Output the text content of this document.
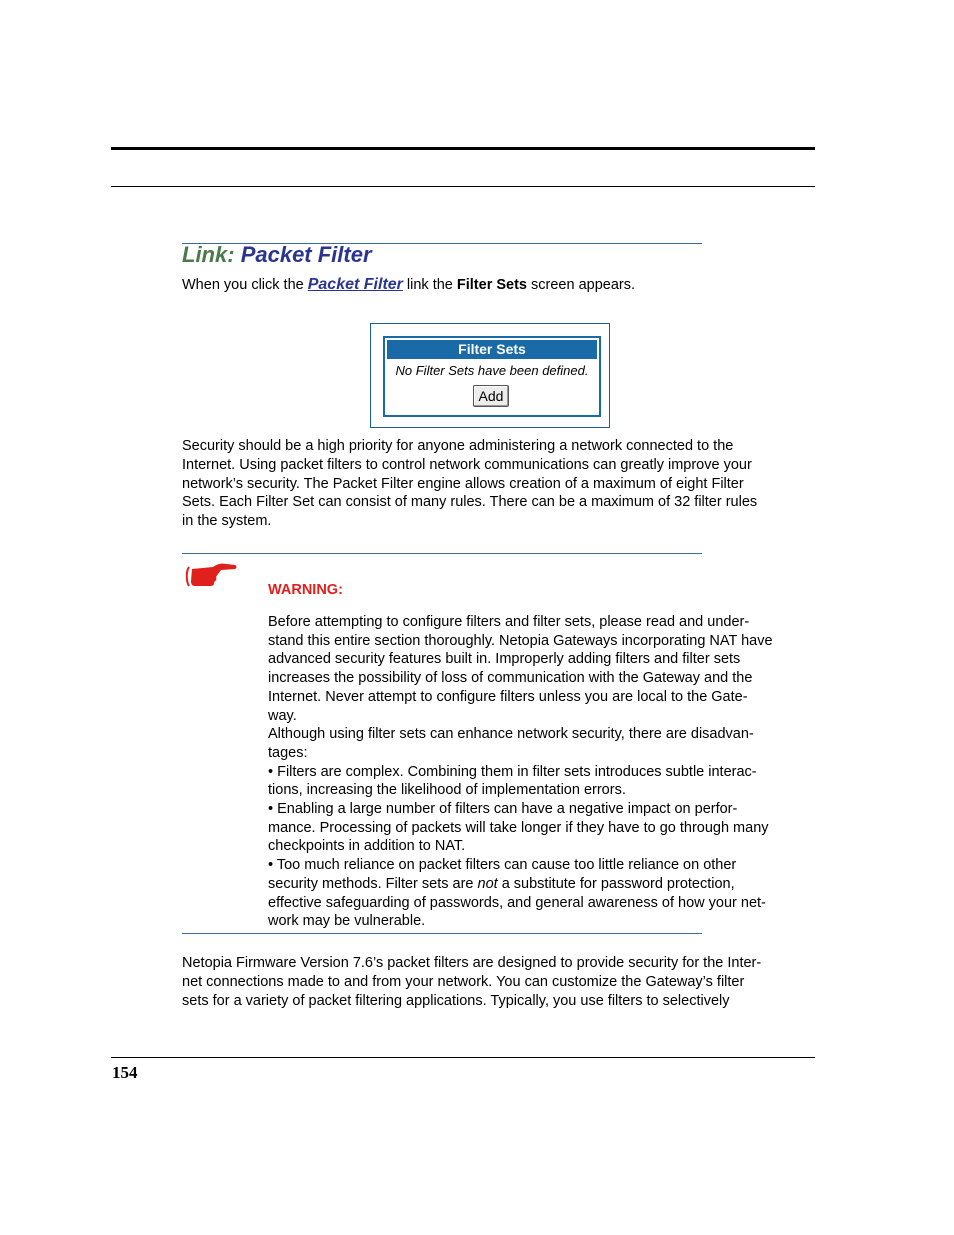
Link: Packet Filter

When you click the Packet Filter link the Filter Sets screen appears.

Filter Sets
No Filter Sets have been defined.
Add
Security should be a high priority for anyone administering a network connected to the
Internet. Using packet filters to control network communications can greatly improve your
network’s security. The Packet Filter engine allows creation of a maximum of eight Filter
Sets. Each Filter Set can consist of many rules. There can be a maximum of 32 filter rules
in the system.

WARNING:

Before attempting to configure filters and filter sets, please read and under-
stand this entire section thoroughly. Netopia Gateways incorporating NAT have
advanced security features built in. Improperly adding filters and filter sets
increases the possibility of loss of communication with the Gateway and the
Internet. Never attempt to configure filters unless you are local to the Gate-
way.
Although using filter sets can enhance network security, there are disadvan-
tages:
• Filters are complex. Combining them in filter sets introduces subtle interac-
tions, increasing the likelihood of implementation errors.
• Enabling a large number of filters can have a negative impact on perfor-
mance. Processing of packets will take longer if they have to go through many
checkpoints in addition to NAT.
• Too much reliance on packet filters can cause too little reliance on other
security methods. Filter sets are not a substitute for password protection,
effective safeguarding of passwords, and general awareness of how your net-
work may be vulnerable.
Netopia Firmware Version 7.6’s packet filters are designed to provide security for the Inter-
net connections made to and from your network. You can customize the Gateway’s filter
sets for a variety of packet filtering applications. Typically, you use filters to selectively

154
